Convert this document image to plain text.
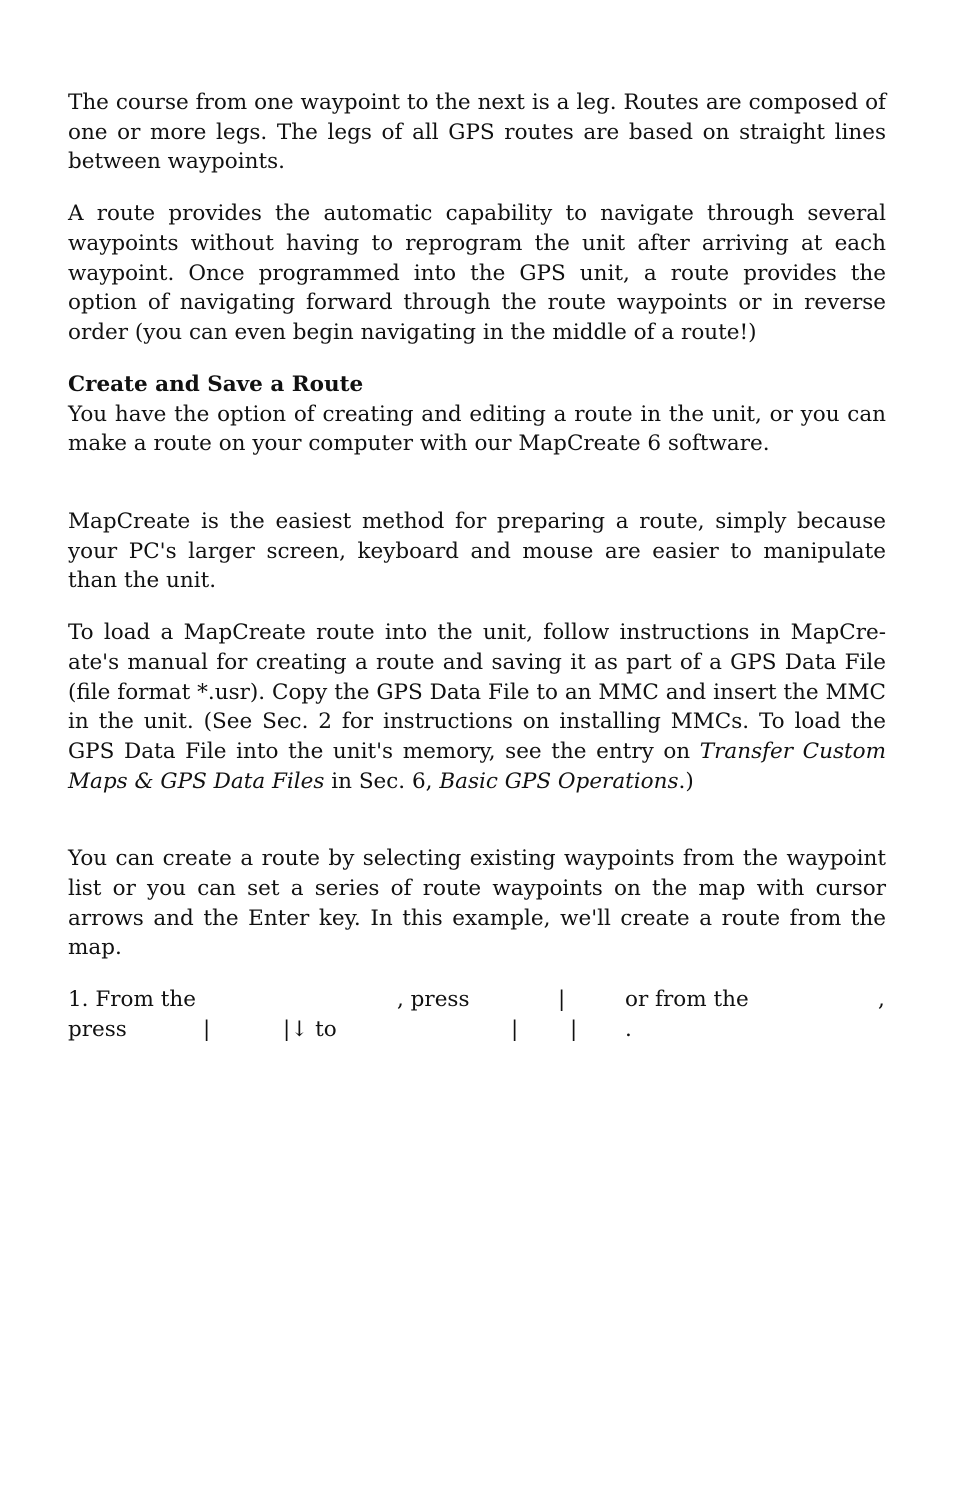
The course from one waypoint to the next is a leg. Routes are composed of one or more legs. The legs of all GPS routes are based on straight lines between waypoints.

A route provides the automatic capability to navigate through several waypoints without having to reprogram the unit after arriving at each waypoint. Once programmed into the GPS unit, a route provides the option of navigating forward through the route waypoints or in reverse order (you can even begin navigating in the middle of a route!)

Create and Save a Route

You have the option of creating and editing a route in the unit, or you can make a route on your computer with our MapCreate 6 software.

MapCreate is the easiest method for preparing a route, simply because your PC's larger screen, keyboard and mouse are easier to manipulate than the unit.

To load a MapCreate route into the unit, follow instructions in MapCreate's manual for creating a route and saving it as part of a GPS Data File (file format *.usr). Copy the GPS Data File to an MMC and insert the MMC in the unit. (See Sec. 2 for instructions on installing MMCs. To load the GPS Data File into the unit's memory, see the entry on Transfer Custom Maps & GPS Data Files in Sec. 6, Basic GPS Operations.)

You can create a route by selecting existing waypoints from the waypoint list or you can set a series of route waypoints on the map with cursor arrows and the Enter key. In this example, we'll create a route from the map.

1. From the	, press	|	or from the	,
press	|	|↓ to	| | .
